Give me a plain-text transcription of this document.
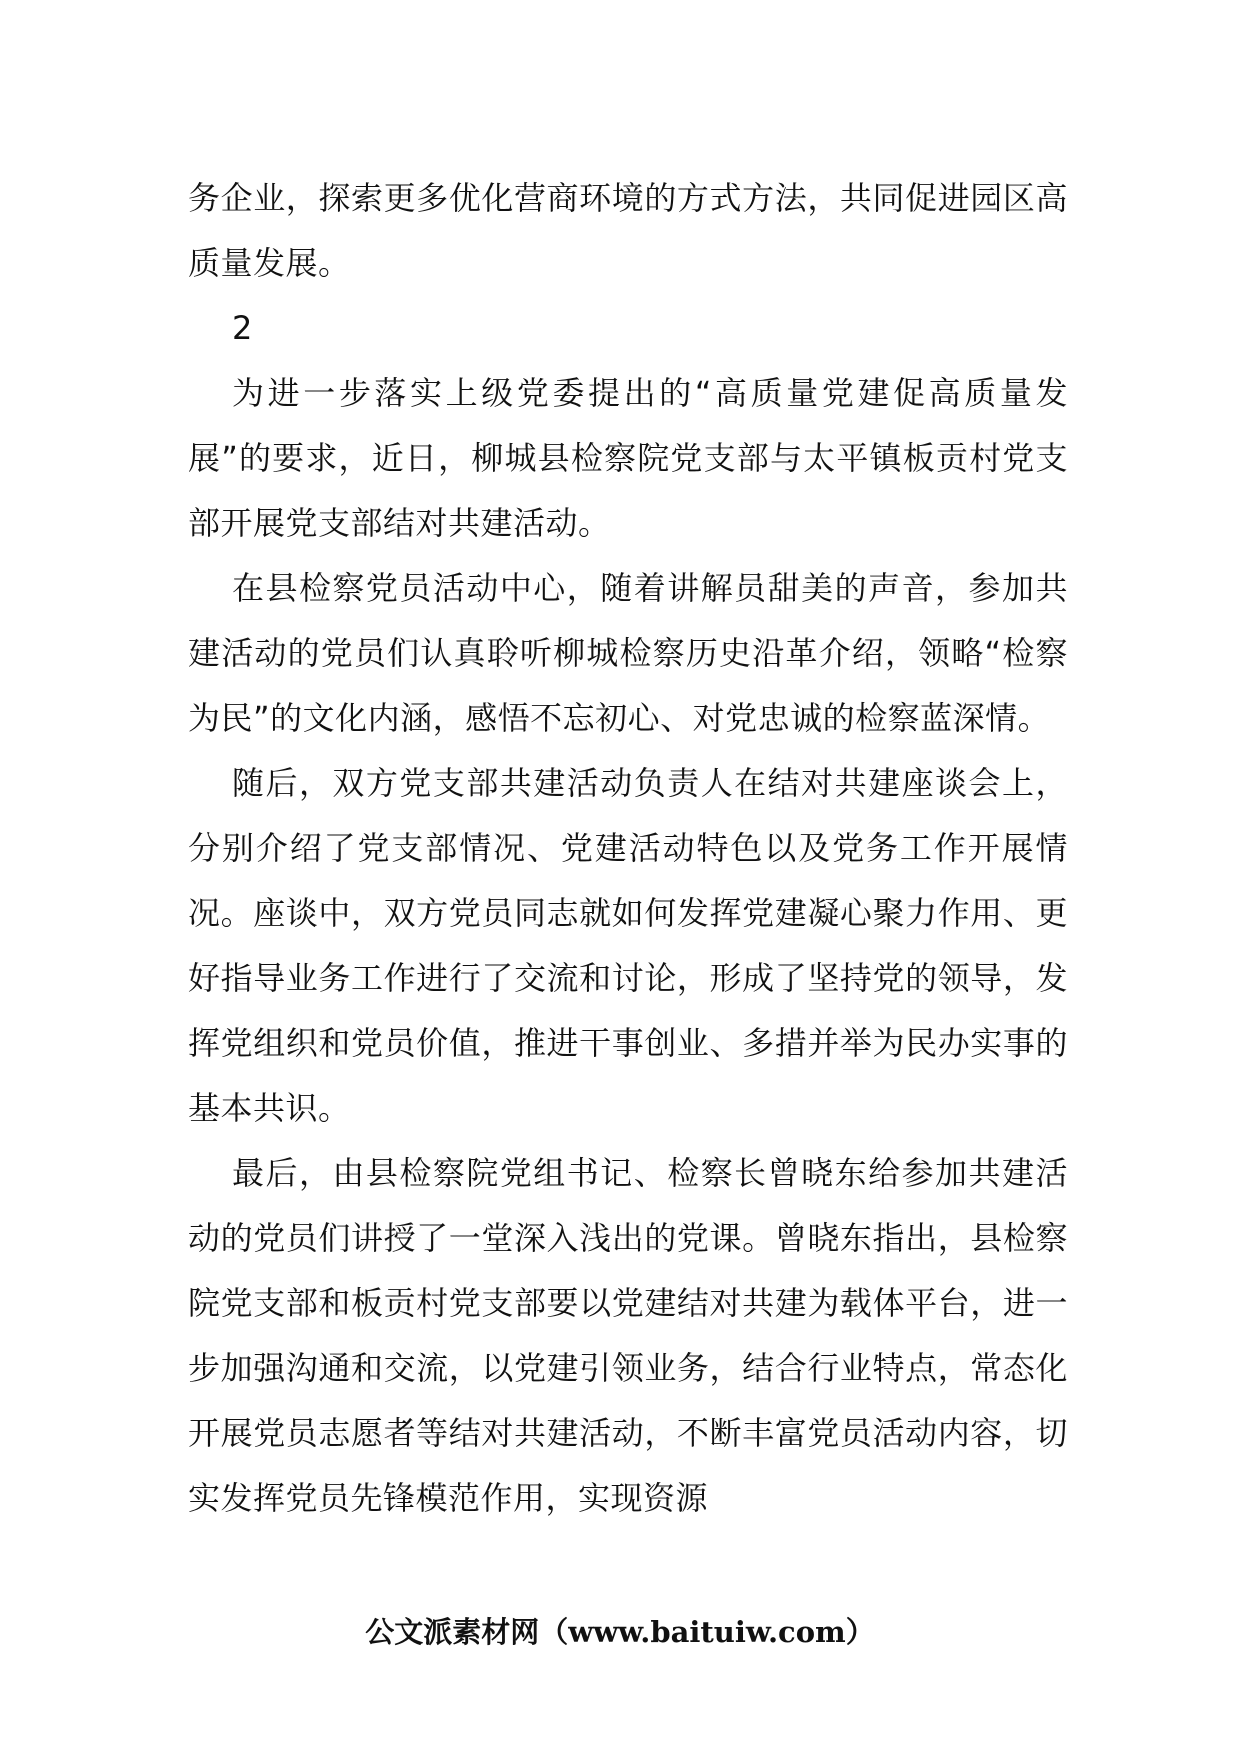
务企业，探索更多优化营商环境的方式方法，共同促进园区高质量发展。

2

为进一步落实上级党委提出的“高质量党建促高质量发展”的要求，近日，柳城县检察院党支部与太平镇板贡村党支部开展党支部结对共建活动。

在县检察党员活动中心，随着讲解员甜美的声音，参加共建活动的党员们认真聆听柳城检察历史沿革介绍，领略“检察为民”的文化内涵，感悟不忘初心、对党忠诚的检察蓝深情。

随后，双方党支部共建活动负责人在结对共建座谈会上，分别介绍了党支部情况、党建活动特色以及党务工作开展情况。座谈中，双方党员同志就如何发挥党建凝心聚力作用、更好指导业务工作进行了交流和讨论，形成了坚持党的领导，发挥党组织和党员价值，推进干事创业、多措并举为民办实事的基本共识。

最后，由县检察院党组书记、检察长曾晓东给参加共建活动的党员们讲授了一堂深入浅出的党课。曾晓东指出，县检察院党支部和板贡村党支部要以党建结对共建为载体平台，进一步加强沟通和交流，以党建引领业务，结合行业特点，常态化开展党员志愿者等结对共建活动，不断丰富党员活动内容，切实发挥党员先锋模范作用，实现资源

公文派素材网（www.baituiw.com）
